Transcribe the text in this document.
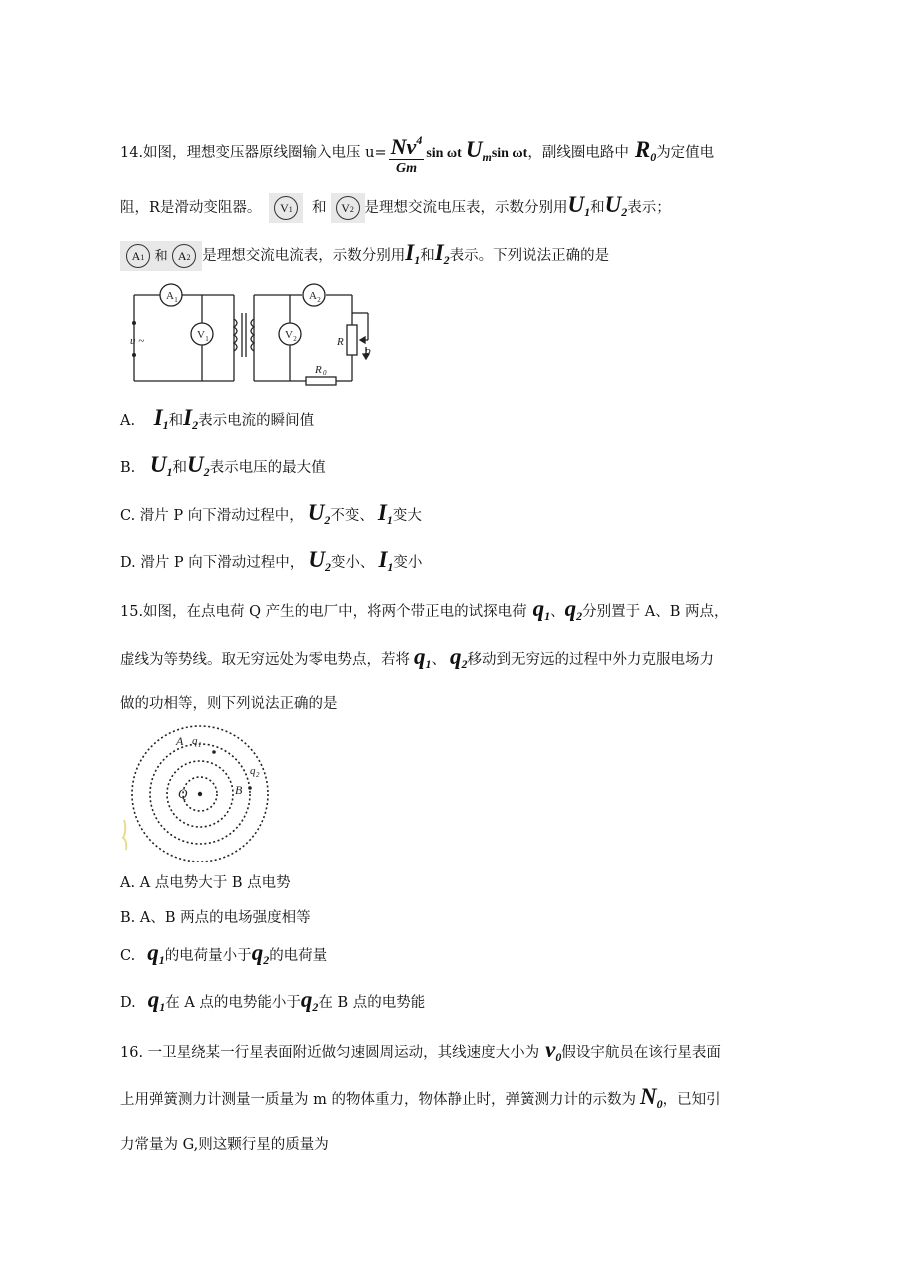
14.如图，理想变压器原线圈输入电压 $u= \frac{Nv^4}{Gm}$ sin ωt $U_m\sin$ ωt，副线圈电路中 $R_0$为定值电
阻，R是滑动变阻器。 V1 和 V2 是理想交流电压表，示数分别用$U_1$和$U_2$表示；
A1 和 A2 是理想交流电流表，示数分别用$I_1$和$I_2$表示。下列说法正确的是
A 1
V 1	V 2
A 2
u ~	R
P
R 0
A. $I_1$和$I_2$表示电流的瞬间值
B. $U_1$和$U_2$表示电压的最大值
C. 滑片 P 向下滑动过程中， $U_2$不变、 $I_1$变大
D. 滑片 P 向下滑动过程中， $U_2$变小、 $I_1$变小
15.如图，在点电荷 Q 产生的电厂中，将两个带正电的试探电荷 $q_1$、$q_2$分别置于 A、B 两点，
虚线为等势线。取无穷远处为零电势点，若将 $q_1$、 $q_2$移动到无穷远的过程中外力克服电场力
做的功相等，则下列说法正确的是
A q 1
q 2
Q	B
A. A 点电势大于 B 点电势
B. A、B 两点的电场强度相等
C. $q_1$的电荷量小于$q_2$的电荷量
D. $q_1$在 A 点的电势能小于$q_2$在 B 点的电势能
16. 一卫星绕某一行星表面附近做匀速圆周运动，其线速度大小为 $v_0$假设宇航员在该行星表面
上用弹簧测力计测量一质量为 m 的物体重力，物体静止时，弹簧测力计的示数为 $N_0$，已知引
力常量为 G,则这颗行星的质量为
